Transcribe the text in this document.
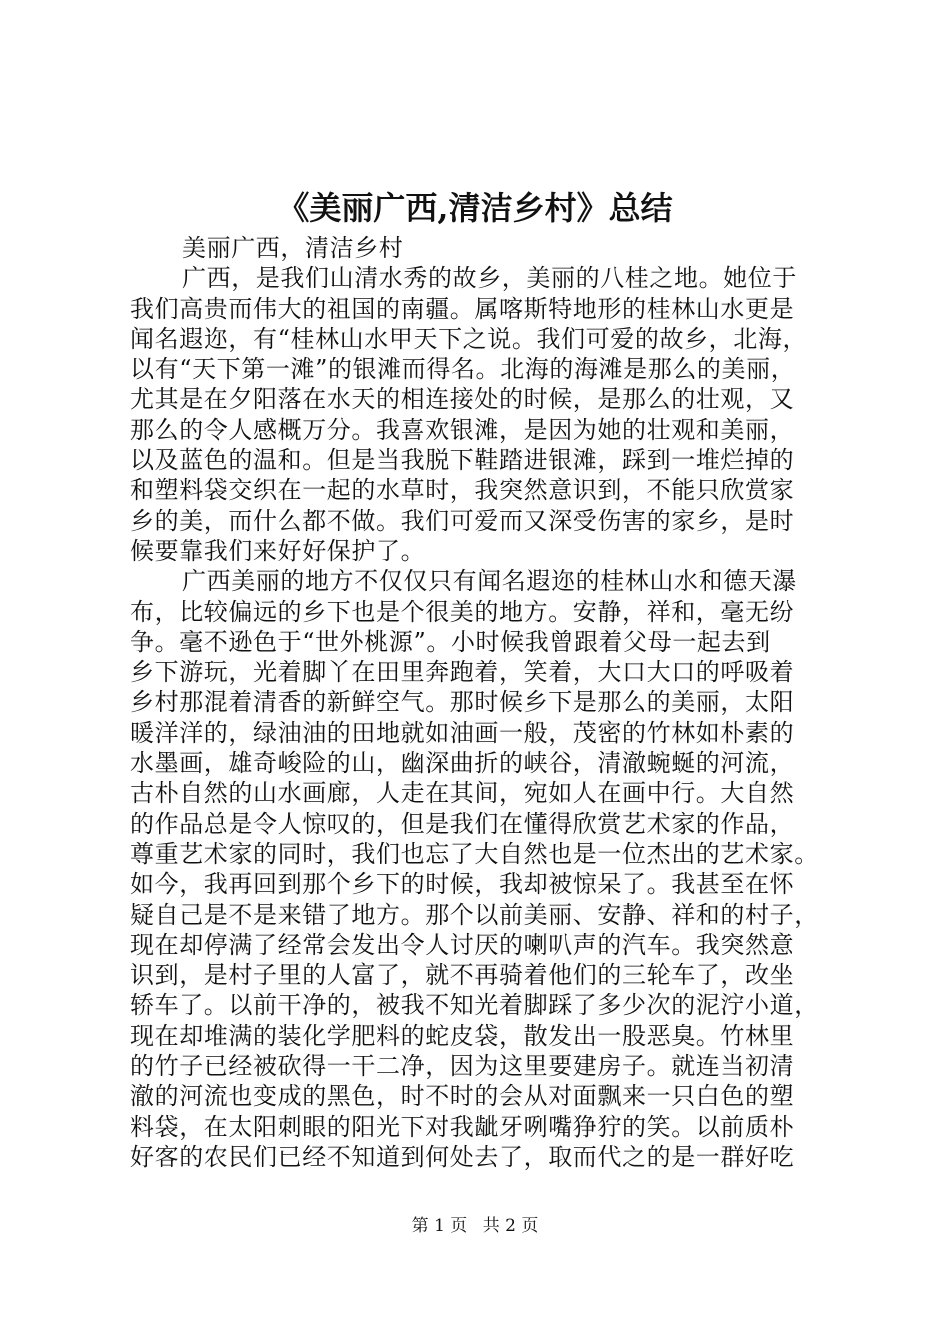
《美丽广西,清洁乡村》总结
美丽广西，清洁乡村
广西，是我们山清水秀的故乡，美丽的八桂之地。她位于
我们高贵而伟大的祖国的南疆。属喀斯特地形的桂林山水更是
闻名遐迩，有“桂林山水甲天下之说。我们可爱的故乡，北海，
以有“天下第一滩”的银滩而得名。北海的海滩是那么的美丽，
尤其是在夕阳落在水天的相连接处的时候，是那么的壮观，又
那么的令人感概万分。我喜欢银滩，是因为她的壮观和美丽，
以及蓝色的温和。但是当我脱下鞋踏进银滩，踩到一堆烂掉的
和塑料袋交织在一起的水草时，我突然意识到，不能只欣赏家
乡的美，而什么都不做。我们可爱而又深受伤害的家乡，是时
候要靠我们来好好保护了。
广西美丽的地方不仅仅只有闻名遐迩的桂林山水和德天瀑
布，比较偏远的乡下也是个很美的地方。安静，祥和，毫无纷
争。毫不逊色于“世外桃源”。小时候我曾跟着父母一起去到
乡下游玩，光着脚丫在田里奔跑着，笑着，大口大口的呼吸着
乡村那混着清香的新鲜空气。那时候乡下是那么的美丽，太阳
暖洋洋的，绿油油的田地就如油画一般，茂密的竹林如朴素的
水墨画，雄奇峻险的山，幽深曲折的峡谷，清澈蜿蜒的河流，
古朴自然的山水画廊，人走在其间，宛如人在画中行。大自然
的作品总是令人惊叹的，但是我们在懂得欣赏艺术家的作品，
尊重艺术家的同时，我们也忘了大自然也是一位杰出的艺术家。
如今，我再回到那个乡下的时候，我却被惊呆了。我甚至在怀
疑自己是不是来错了地方。那个以前美丽、安静、祥和的村子，
现在却停满了经常会发出令人讨厌的喇叭声的汽车。我突然意
识到，是村子里的人富了，就不再骑着他们的三轮车了，改坐
轿车了。以前干净的，被我不知光着脚踩了多少次的泥泞小道，
现在却堆满的装化学肥料的蛇皮袋，散发出一股恶臭。竹林里
的竹子已经被砍得一干二净，因为这里要建房子。就连当初清
澈的河流也变成的黑色，时不时的会从对面飘来一只白色的塑
料袋，在太阳刺眼的阳光下对我龇牙咧嘴狰狞的笑。以前质朴
好客的农民们已经不知道到何处去了，取而代之的是一群好吃
第 1 页 共 2 页
